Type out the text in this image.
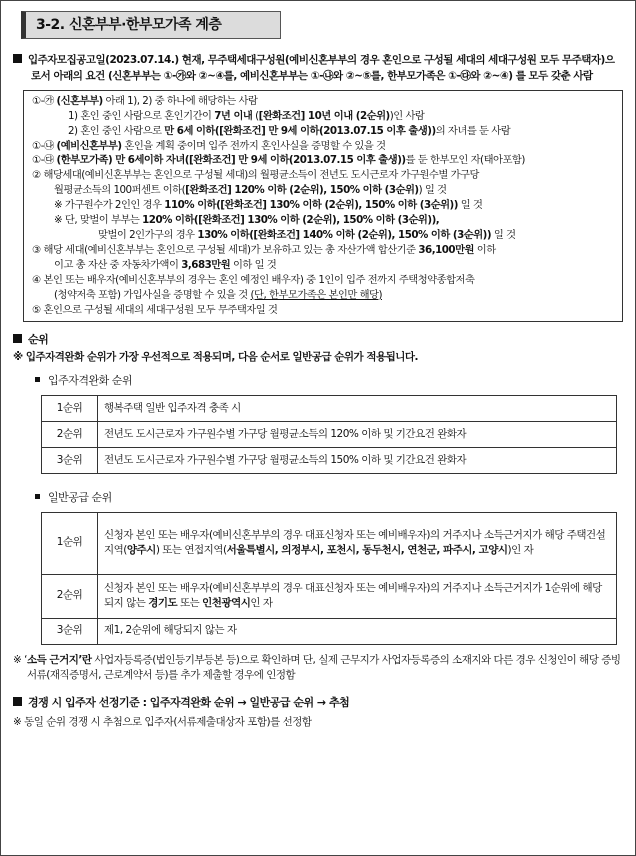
3-2. 신혼부부·한부모가족 계층
입주자모집공고일(2023.07.14.) 현재, 무주택세대구성원(예비신혼부부의 경우 혼인으로 구성될 세대의 세대구성원 모두 무주택자)으로서 아래의 요건 (신혼부부는 ①-㉮와 ②~④를, 예비신혼부부는 ①-㉯와 ②~⑤를, 한부모가족은 ①-㉰와 ②~④) 를 모두 갖춘 사람

①-㉮ (신혼부부) 아래 1), 2) 중 하나에 해당하는 사람

1) 혼인 중인 사람으로 혼인기간이 7년 이내 ([완화조건] 10년 이내 (2순위))인 사람

2) 혼인 중인 사람으로 만 6세 이하([완화조건] 만 9세 이하(2013.07.15 이후 출생))의 자녀를 둔 사람

①-㉯ (예비신혼부부) 혼인을 계획 중이며 입주 전까지 혼인사실을 증명할 수 있을 것

①-㉰ (한부모가족) 만 6세이하 자녀([완화조건] 만 9세 이하(2013.07.15 이후 출생))를 둔 한부모인 자(태아포함)

② 해당세대(예비신혼부부는 혼인으로 구성될 세대)의 월평균소득이 전년도 도시근로자 가구원수별 가구당

월평균소득의 100퍼센트 이하([완화조건] 120% 이하 (2순위), 150% 이하 (3순위)) 일 것

※ 가구원수가 2인인 경우 110% 이하([완화조건] 130% 이하 (2순위), 150% 이하 (3순위)) 일 것

※ 단, 맞벌이 부부는 120% 이하([완화조건] 130% 이하 (2순위), 150% 이하 (3순위)),

맞벌이 2인가구의 경우 130% 이하([완화조건] 140% 이하 (2순위), 150% 이하 (3순위)) 일 것

③ 해당 세대(예비신혼부부는 혼인으로 구성될 세대)가 보유하고 있는 총 자산가액 합산기준 36,100만원 이하

이고 총 자산 중 자동차가액이 3,683만원 이하 일 것

④ 본인 또는 배우자(예비신혼부부의 경우는 혼인 예정인 배우자) 중 1인이 입주 전까지 주택청약종합저축

(청약저축 포함) 가입사실을 증명할 수 있을 것 (단, 한부모가족은 본인만 해당)

⑤ 혼인으로 구성될 세대의 세대구성원 모두 무주택자일 것

순위
※ 입주자격완화 순위가 가장 우선적으로 적용되며, 다음 순서로 일반공급 순위가 적용됩니다.
입주자격완화 순위
1순위	행복주택 일반 입주자격 충족 시
2순위	전년도 도시근로자 가구원수별 가구당 월평균소득의 120% 이하 및 기간요건 완화자
3순위	전년도 도시근로자 가구원수별 가구당 월평균소득의 150% 이하 및 기간요건 완화자
일반공급 순위
1순위	신청자 본인 또는 배우자(예비신혼부부의 경우 대표신청자 또는 예비배우자)의 거주지나 소득근거지가 해당 주택건설지역(양주시) 또는 연접지역(서울특별시, 의정부시, 포천시, 동두천시, 연천군, 파주시, 고양시)인 자
2순위	신청자 본인 또는 배우자(예비신혼부부의 경우 대표신청자 또는 예비배우자)의 거주지나 소득근거지가 1순위에 해당되지 않는 경기도 또는 인천광역시인 자
3순위	제1, 2순위에 해당되지 않는 자
※ ‘소득 근거지’란 사업자등록증(법인등기부등본 등)으로 확인하며 단, 실제 근무지가 사업자등록증의 소재지와 다른 경우 신청인이 해당 증빙서류(재직증명서, 근로계약서 등)를 추가 제출할 경우에 인정함
경쟁 시 입주자 선정기준 : 입주자격완화 순위 → 일반공급 순위 → 추첨
※ 동일 순위 경쟁 시 추첨으로 입주자(서류제출대상자 포함)를 선정함
